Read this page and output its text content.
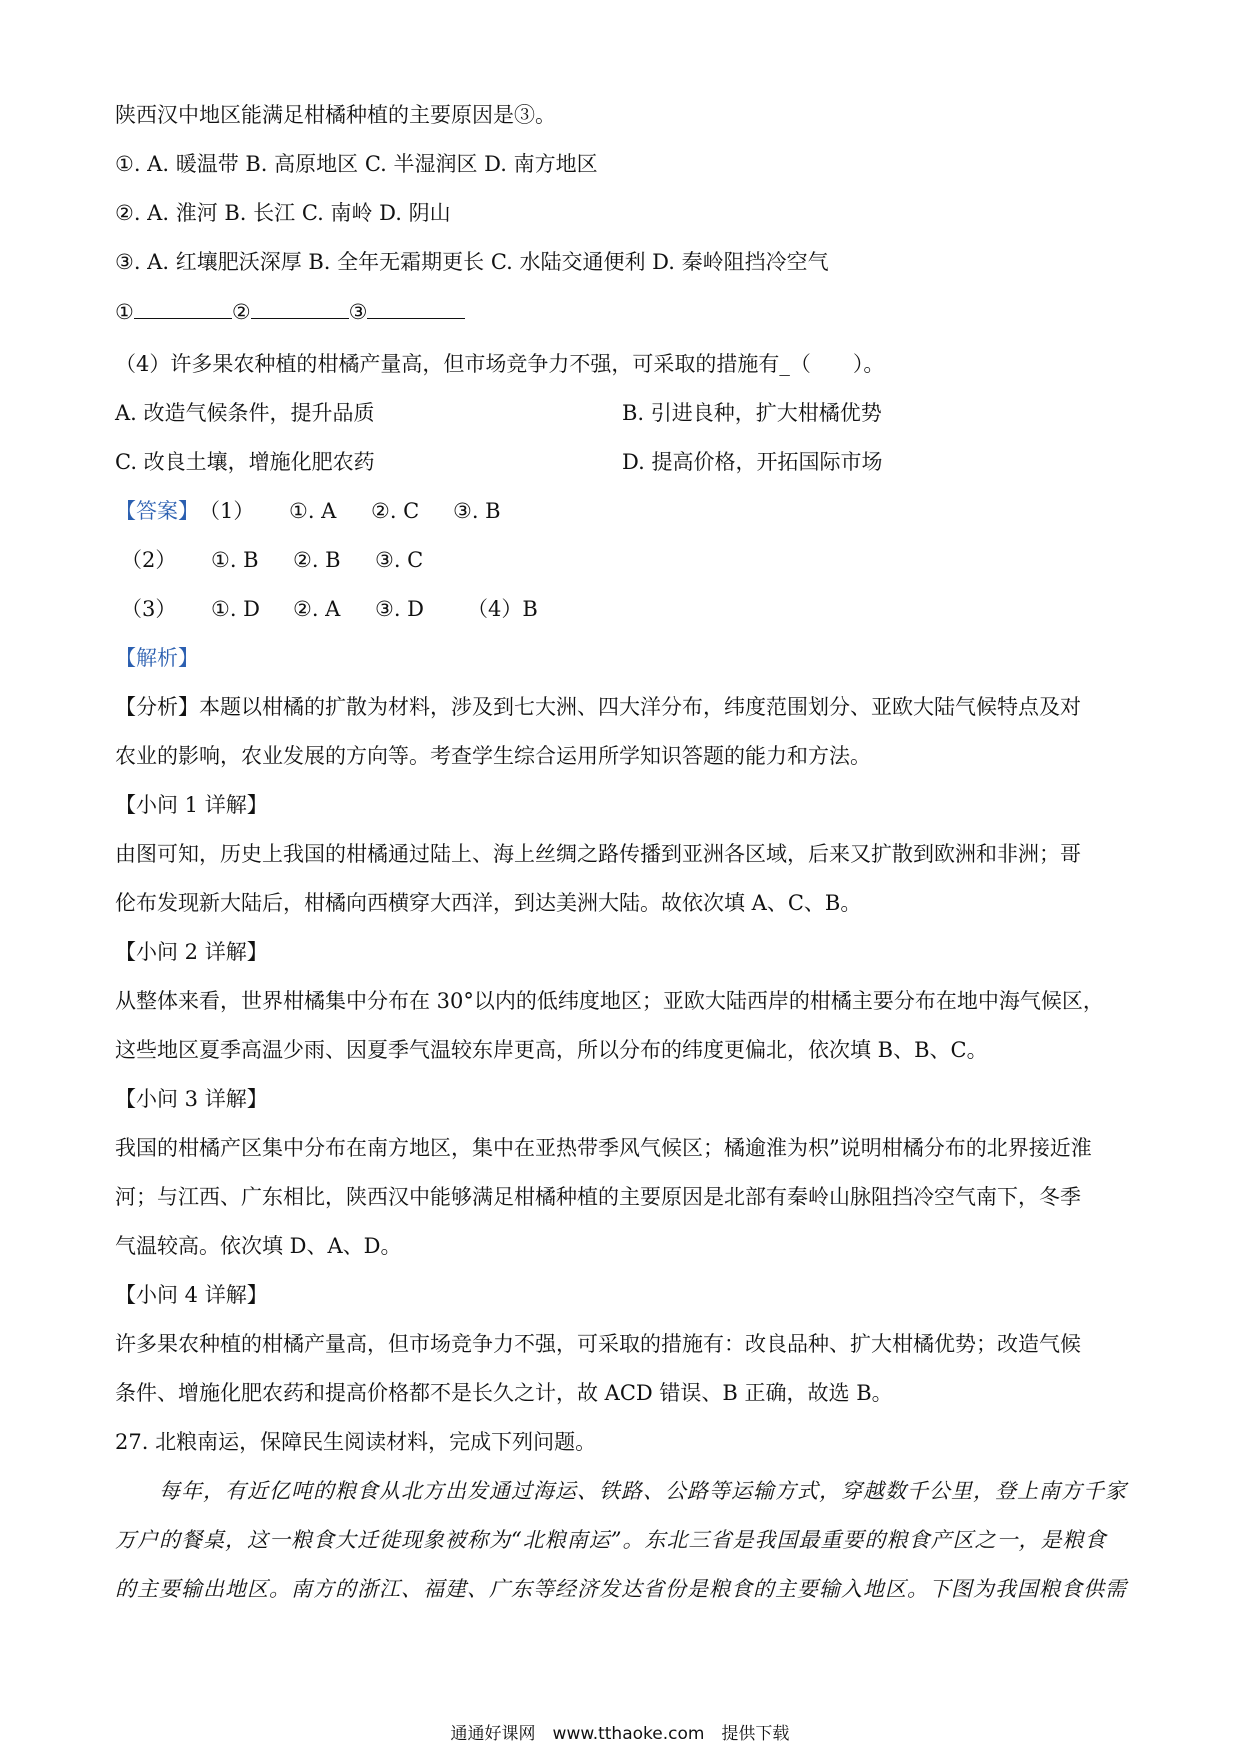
陕西汉中地区能满足柑橘种植的主要原因是③。
①. A. 暖温带 B. 高原地区 C. 半湿润区 D. 南方地区
②. A. 淮河 B. 长江 C. 南岭 D. 阴山
③. A. 红壤肥沃深厚 B. 全年无霜期更长 C. 水陆交通便利 D. 秦岭阻挡冷空气
①	②	③
（4）许多果农种植的柑橘产量高，但市场竞争力不强，可采取的措施有_（　　）。
A. 改造气候条件，提升品质	B. 引进良种，扩大柑橘优势
C. 改良土壤，增施化肥农药	D. 提高价格，开拓国际市场
【答案】（1） ①. A ②. C ③. B
（2） ①. B ②. B ③. C
（3） ①. D ②. A ③. D （4）B
【解析】
【分析】本题以柑橘的扩散为材料，涉及到七大洲、四大洋分布，纬度范围划分、亚欧大陆气候特点及对
农业的影响，农业发展的方向等。考查学生综合运用所学知识答题的能力和方法。
【小问 1 详解】
由图可知，历史上我国的柑橘通过陆上、海上丝绸之路传播到亚洲各区域，后来又扩散到欧洲和非洲；哥
伦布发现新大陆后，柑橘向西横穿大西洋，到达美洲大陆。故依次填 A、C、B。
【小问 2 详解】
从整体来看，世界柑橘集中分布在 30°以内的低纬度地区；亚欧大陆西岸的柑橘主要分布在地中海气候区，
这些地区夏季高温少雨、因夏季气温较东岸更高，所以分布的纬度更偏北，依次填 B、B、C。
【小问 3 详解】
我国的柑橘产区集中分布在南方地区，集中在亚热带季风气候区；橘逾淮为枳”说明柑橘分布的北界接近淮
河；与江西、广东相比，陕西汉中能够满足柑橘种植的主要原因是北部有秦岭山脉阻挡冷空气南下，冬季
气温较高。依次填 D、A、D。
【小问 4 详解】
许多果农种植的柑橘产量高，但市场竞争力不强，可采取的措施有：改良品种、扩大柑橘优势；改造气候
条件、增施化肥农药和提高价格都不是长久之计，故 ACD 错误、B 正确，故选 B。
27. 北粮南运，保障民生阅读材料，完成下列问题。
　　每年，有近亿吨的粮食从北方出发通过海运、铁路、公路等运输方式，穿越数千公里，登上南方千家
万户的餐桌，这一粮食大迁徙现象被称为“北粮南运”。东北三省是我国最重要的粮食产区之一，是粮食
的主要输出地区。南方的浙江、福建、广东等经济发达省份是粮食的主要输入地区。下图为我国粮食供需
通通好课网　www.tthaoke.com　提供下载
